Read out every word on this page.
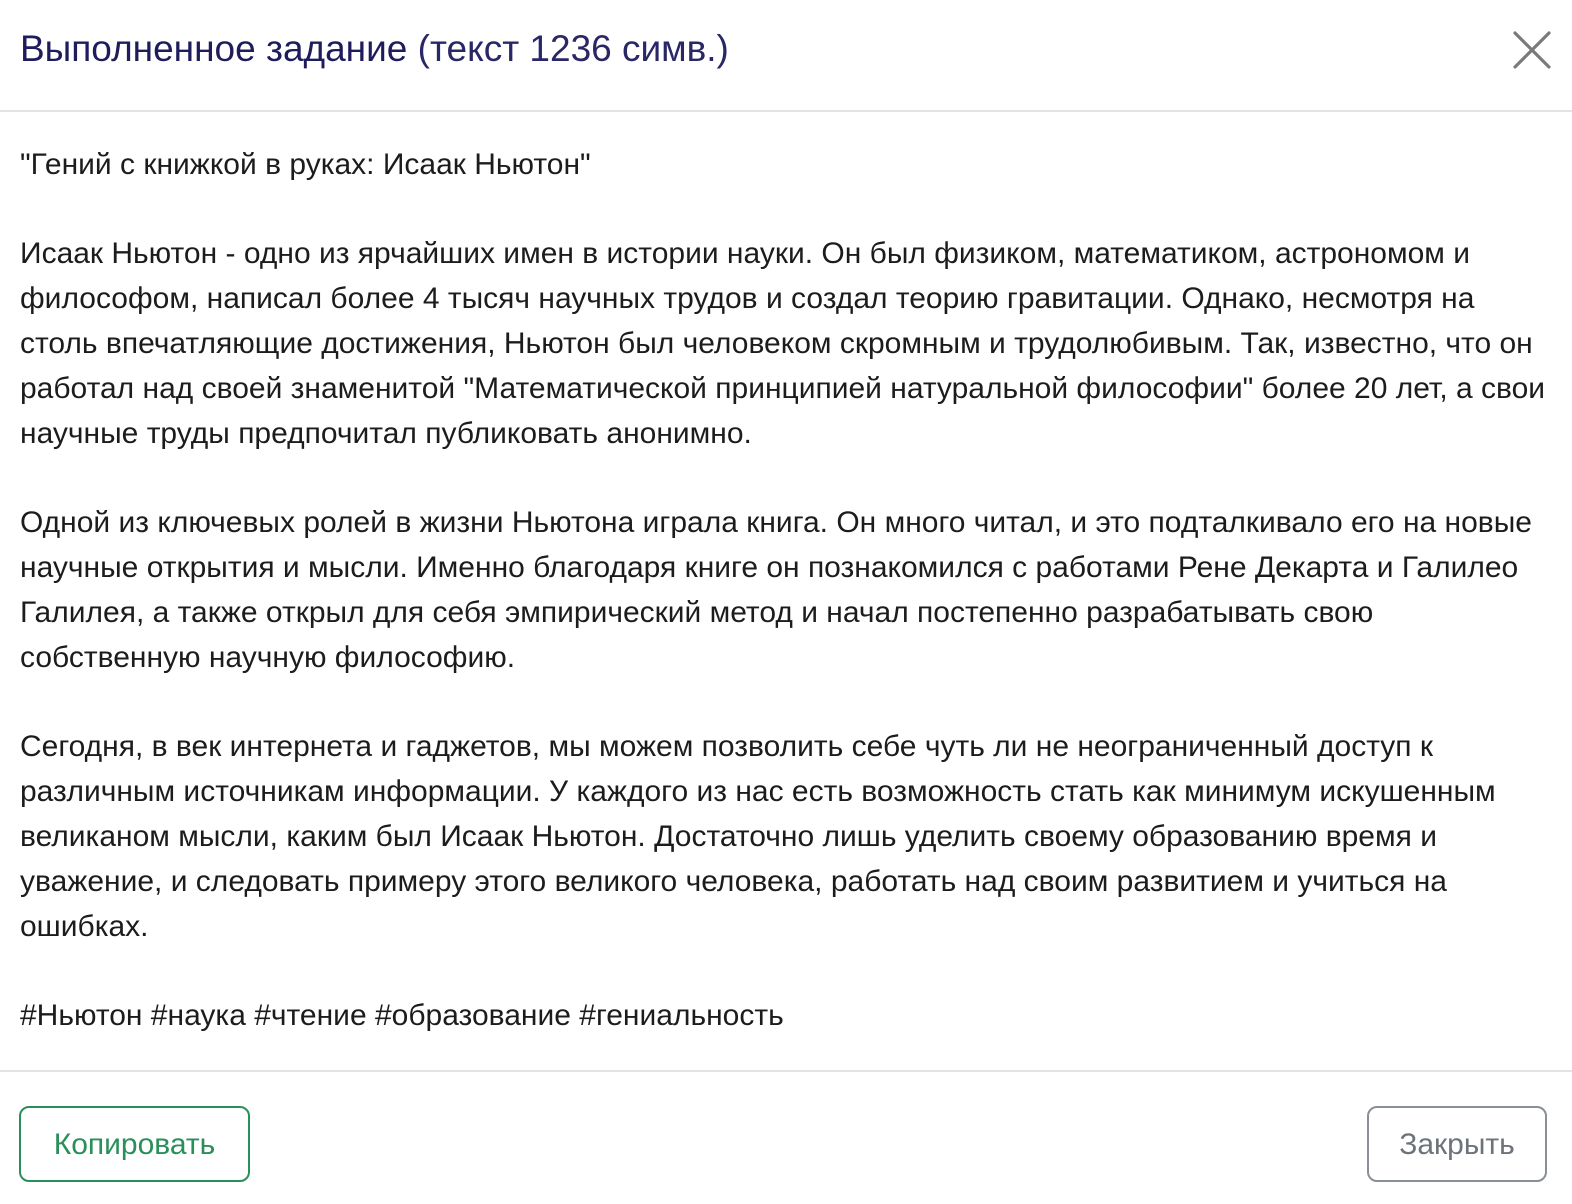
Выполненное задание (текст 1236 симв.)

"Гений с книжкой в руках: Исаак Ньютон"

Исаак Ньютон - одно из ярчайших имен в истории науки. Он был физиком, математиком, астрономом и философом, написал более 4 тысяч научных трудов и создал теорию гравитации. Однако, несмотря на столь впечатляющие достижения, Ньютон был человеком скромным и трудолюбивым. Так, известно, что он работал над своей знаменитой "Математической принципией натуральной философии" более 20 лет, а свои научные труды предпочитал публиковать анонимно.

Одной из ключевых ролей в жизни Ньютона играла книга. Он много читал, и это подталкивало его на новые научные открытия и мысли. Именно благодаря книге он познакомился с работами Рене Декарта и Галилео Галилея, а также открыл для себя эмпирический метод и начал постепенно разрабатывать свою собственную научную философию.

Сегодня, в век интернета и гаджетов, мы можем позволить себе чуть ли не неограниченный доступ к различным источникам информации. У каждого из нас есть возможность стать как минимум искушенным великаном мысли, каким был Исаак Ньютон. Достаточно лишь уделить своему образованию время и уважение, и следовать примеру этого великого человека, работать над своим развитием и учиться на ошибках.

#Ньютон #наука #чтение #образование #гениальность

Копировать	Закрыть
